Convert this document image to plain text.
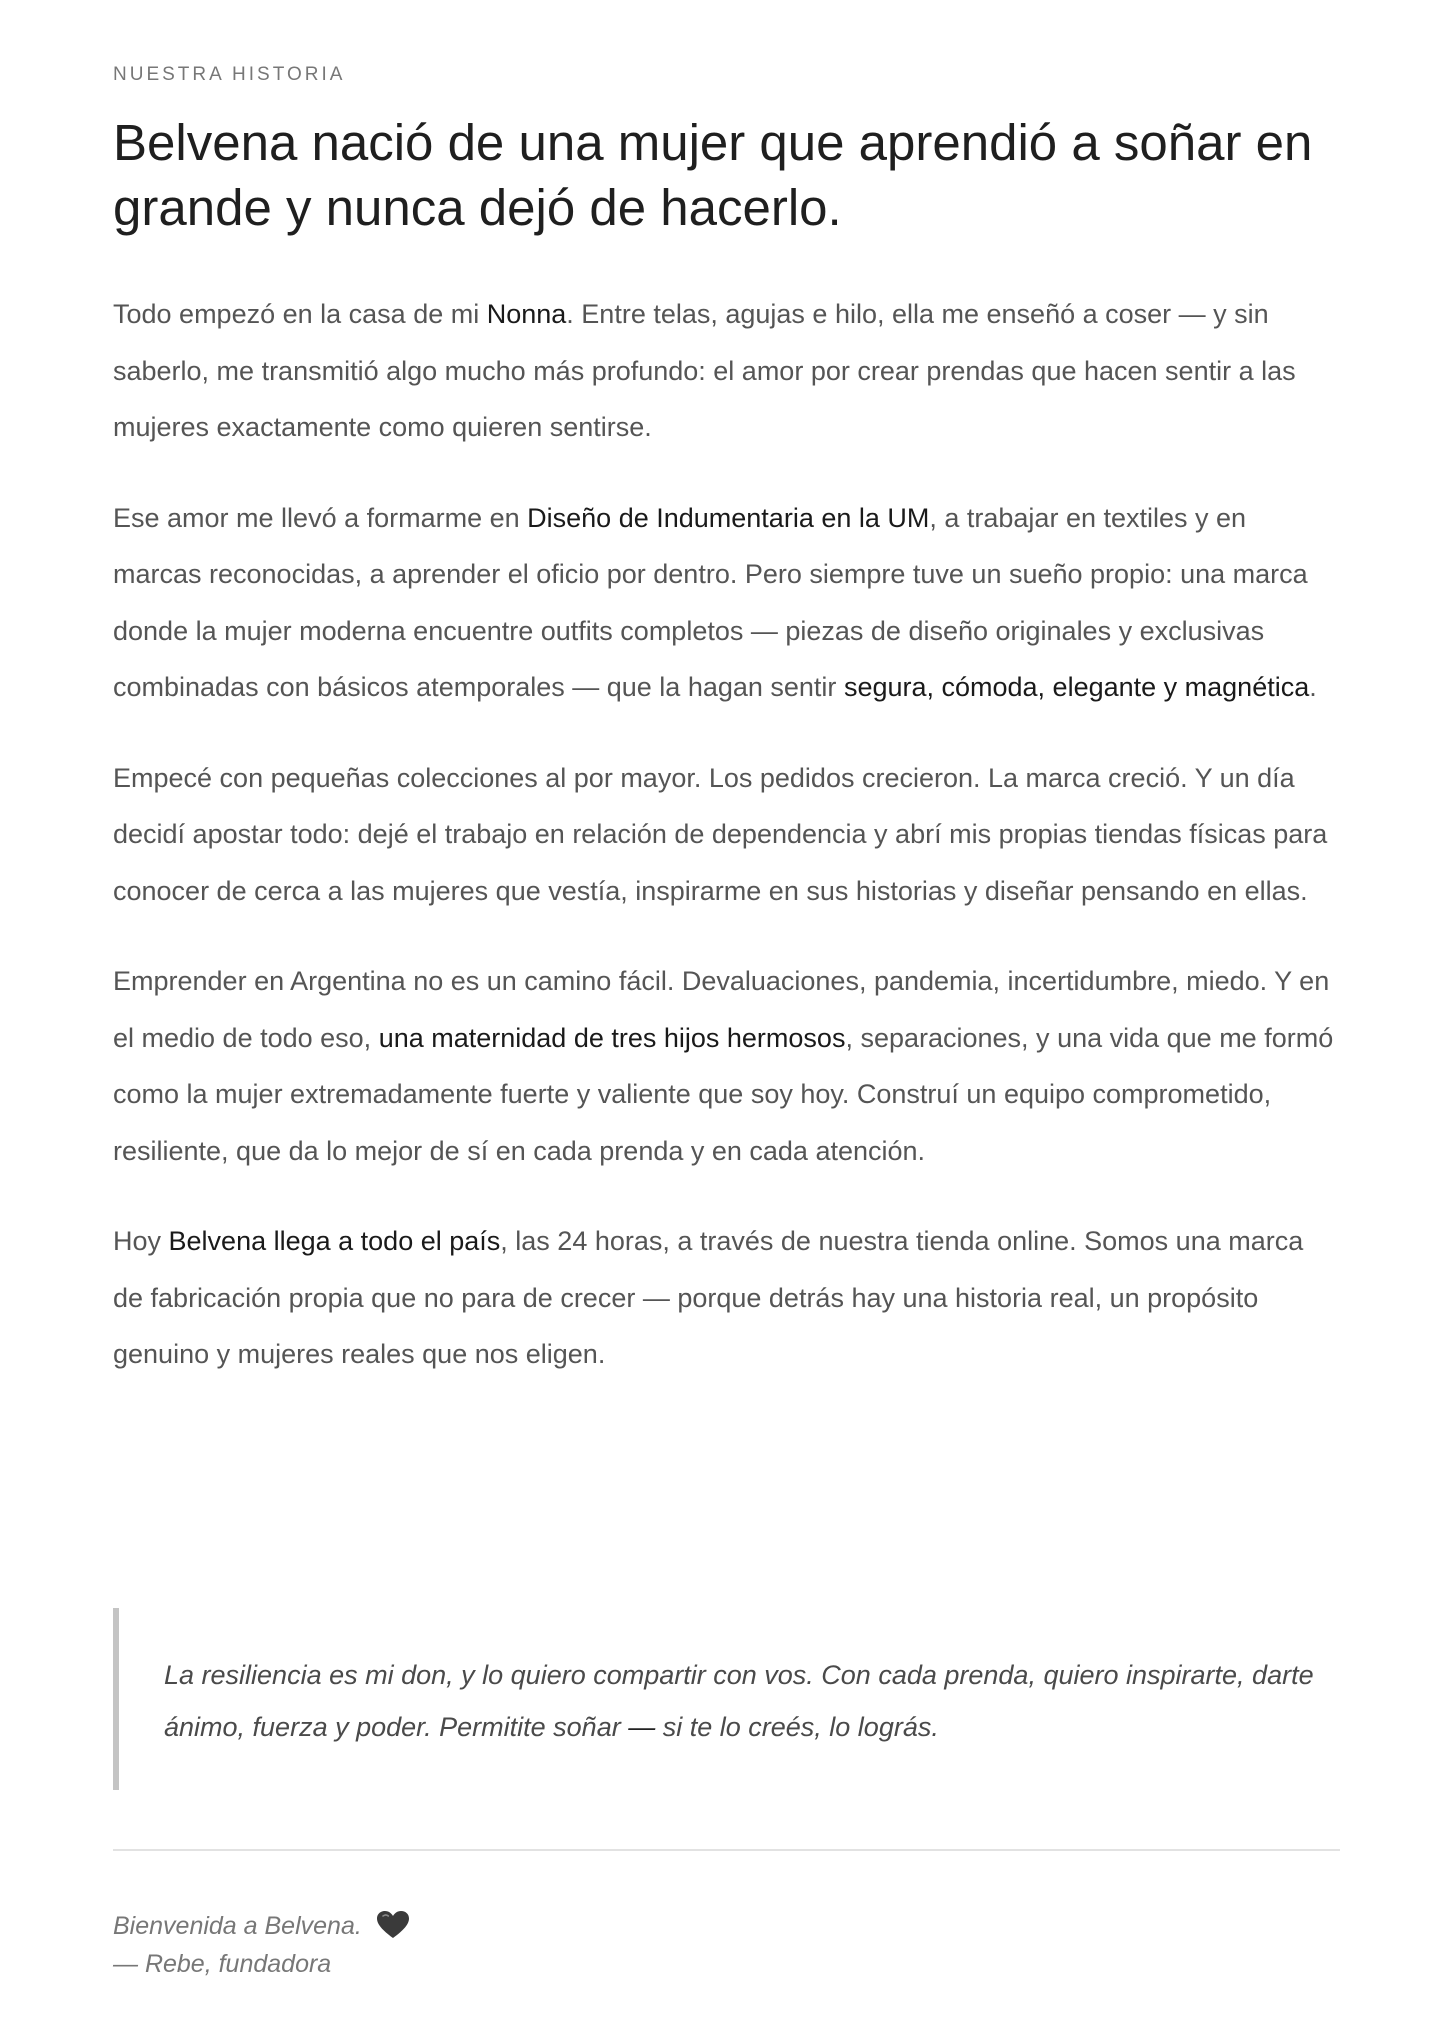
NUESTRA HISTORIA
Belvena nació de una mujer que aprendió a soñar en grande y nunca dejó de hacerlo.

Todo empezó en la casa de mi Nonna. Entre telas, agujas e hilo, ella me enseñó a coser — y sin saberlo, me transmitió algo mucho más profundo: el amor por crear prendas que hacen sentir a las mujeres exactamente como quieren sentirse.

Ese amor me llevó a formarme en Diseño de Indumentaria en la UM, a trabajar en textiles y en marcas reconocidas, a aprender el oficio por dentro. Pero siempre tuve un sueño propio: una marca donde la mujer moderna encuentre outfits completos — piezas de diseño originales y exclusivas combinadas con básicos atemporales — que la hagan sentir segura, cómoda, elegante y magnética.

Empecé con pequeñas colecciones al por mayor. Los pedidos crecieron. La marca creció. Y un día decidí apostar todo: dejé el trabajo en relación de dependencia y abrí mis propias tiendas físicas para conocer de cerca a las mujeres que vestía, inspirarme en sus historias y diseñar pensando en ellas.

Emprender en Argentina no es un camino fácil. Devaluaciones, pandemia, incertidumbre, miedo. Y en el medio de todo eso, una maternidad de tres hijos hermosos, separaciones, y una vida que me formó como la mujer extremadamente fuerte y valiente que soy hoy. Construí un equipo comprometido, resiliente, que da lo mejor de sí en cada prenda y en cada atención.

Hoy Belvena llega a todo el país, las 24 horas, a través de nuestra tienda online. Somos una marca de fabricación propia que no para de crecer — porque detrás hay una historia real, un propósito genuino y mujeres reales que nos eligen.

La resiliencia es mi don, y lo quiero compartir con vos. Con cada prenda, quiero inspirarte, darte ánimo, fuerza y poder. Permitite soñar — si te lo creés, lo lográs.

Bienvenida a Belvena.
— Rebe, fundadora
